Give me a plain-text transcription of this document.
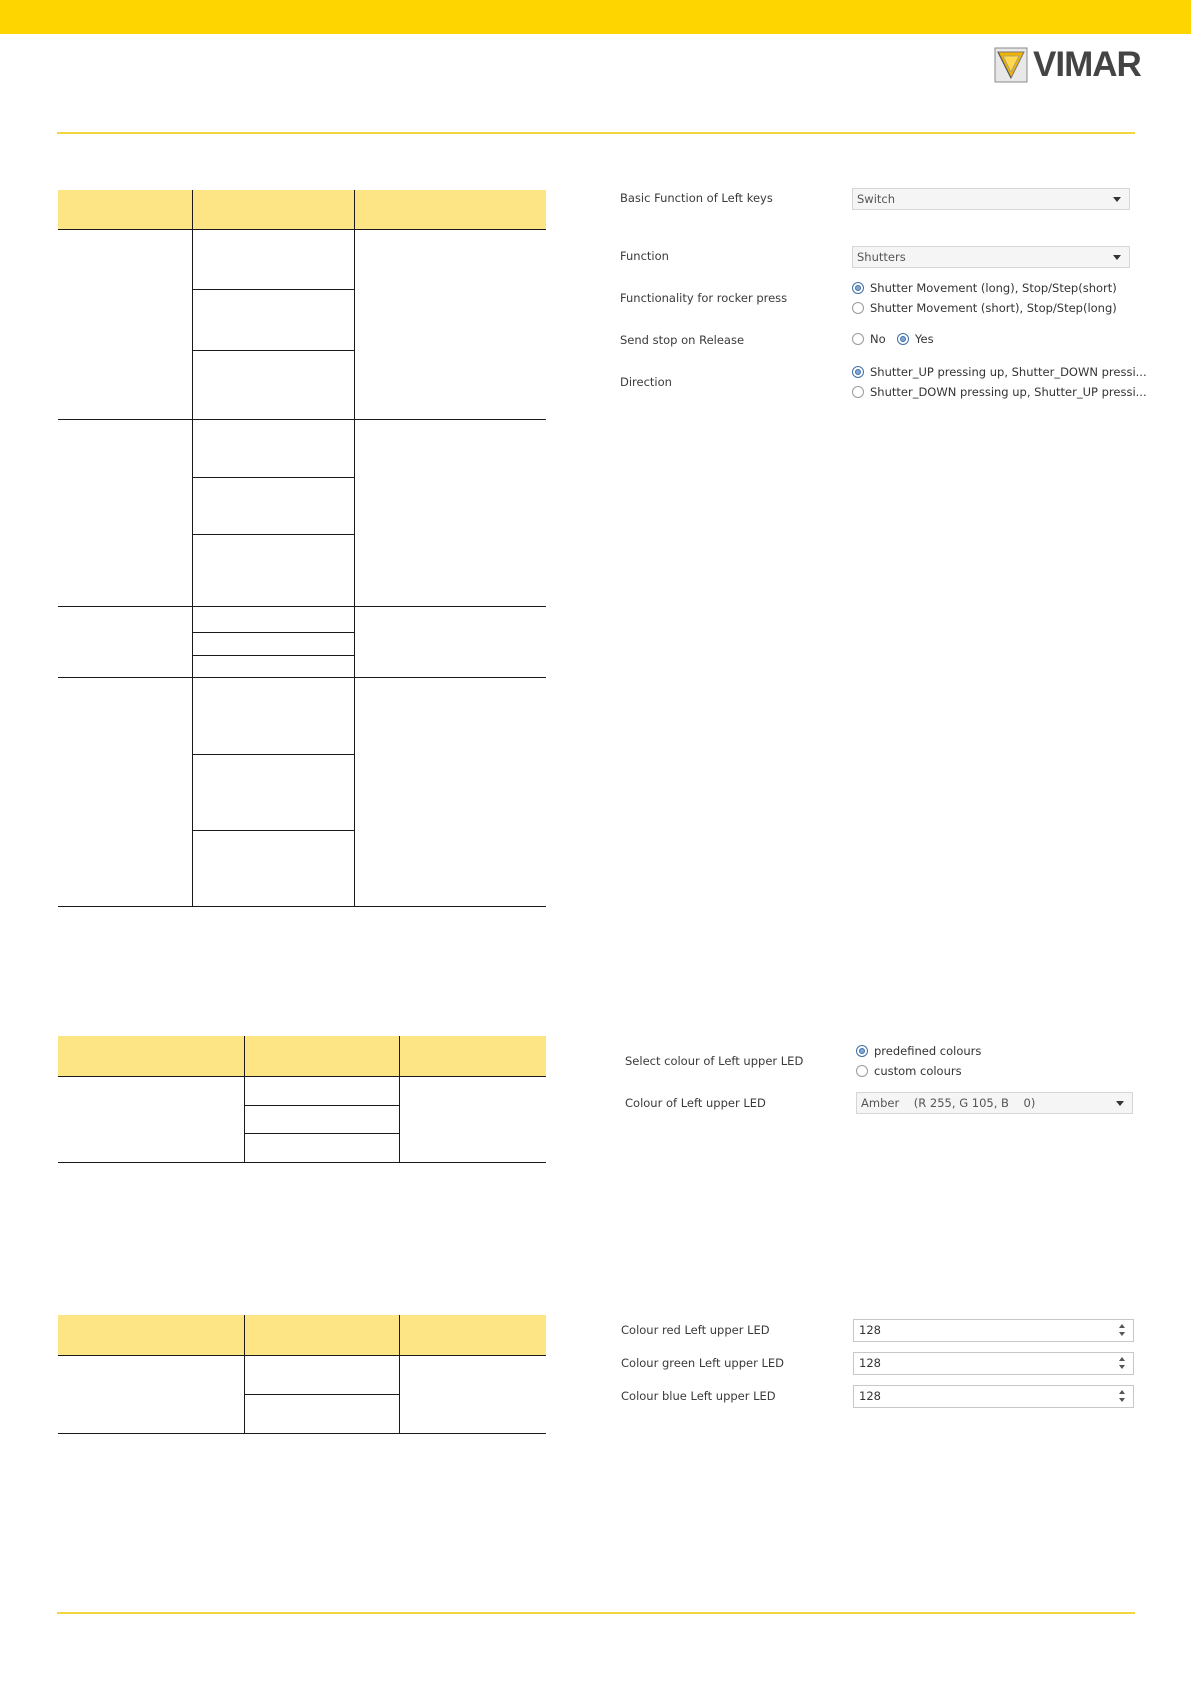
VIMAR
Basic Function of Left keys	Switch
Function	Shutters
Functionality for rocker press
Shutter Movement (long), Stop/Step(short)
Shutter Movement (short), Stop/Step(long)
Send stop on Release	No	Yes
Direction
Shutter_UP pressing up, Shutter_DOWN pressi...
Shutter_DOWN pressing up, Shutter_UP pressi...
Select colour of Left upper LED
predefined colours
custom colours
Colour of Left upper LED	Amber    (R 255, G 105, B    0)
Colour red Left upper LED	128
Colour green Left upper LED	128
Colour blue Left upper LED	128
